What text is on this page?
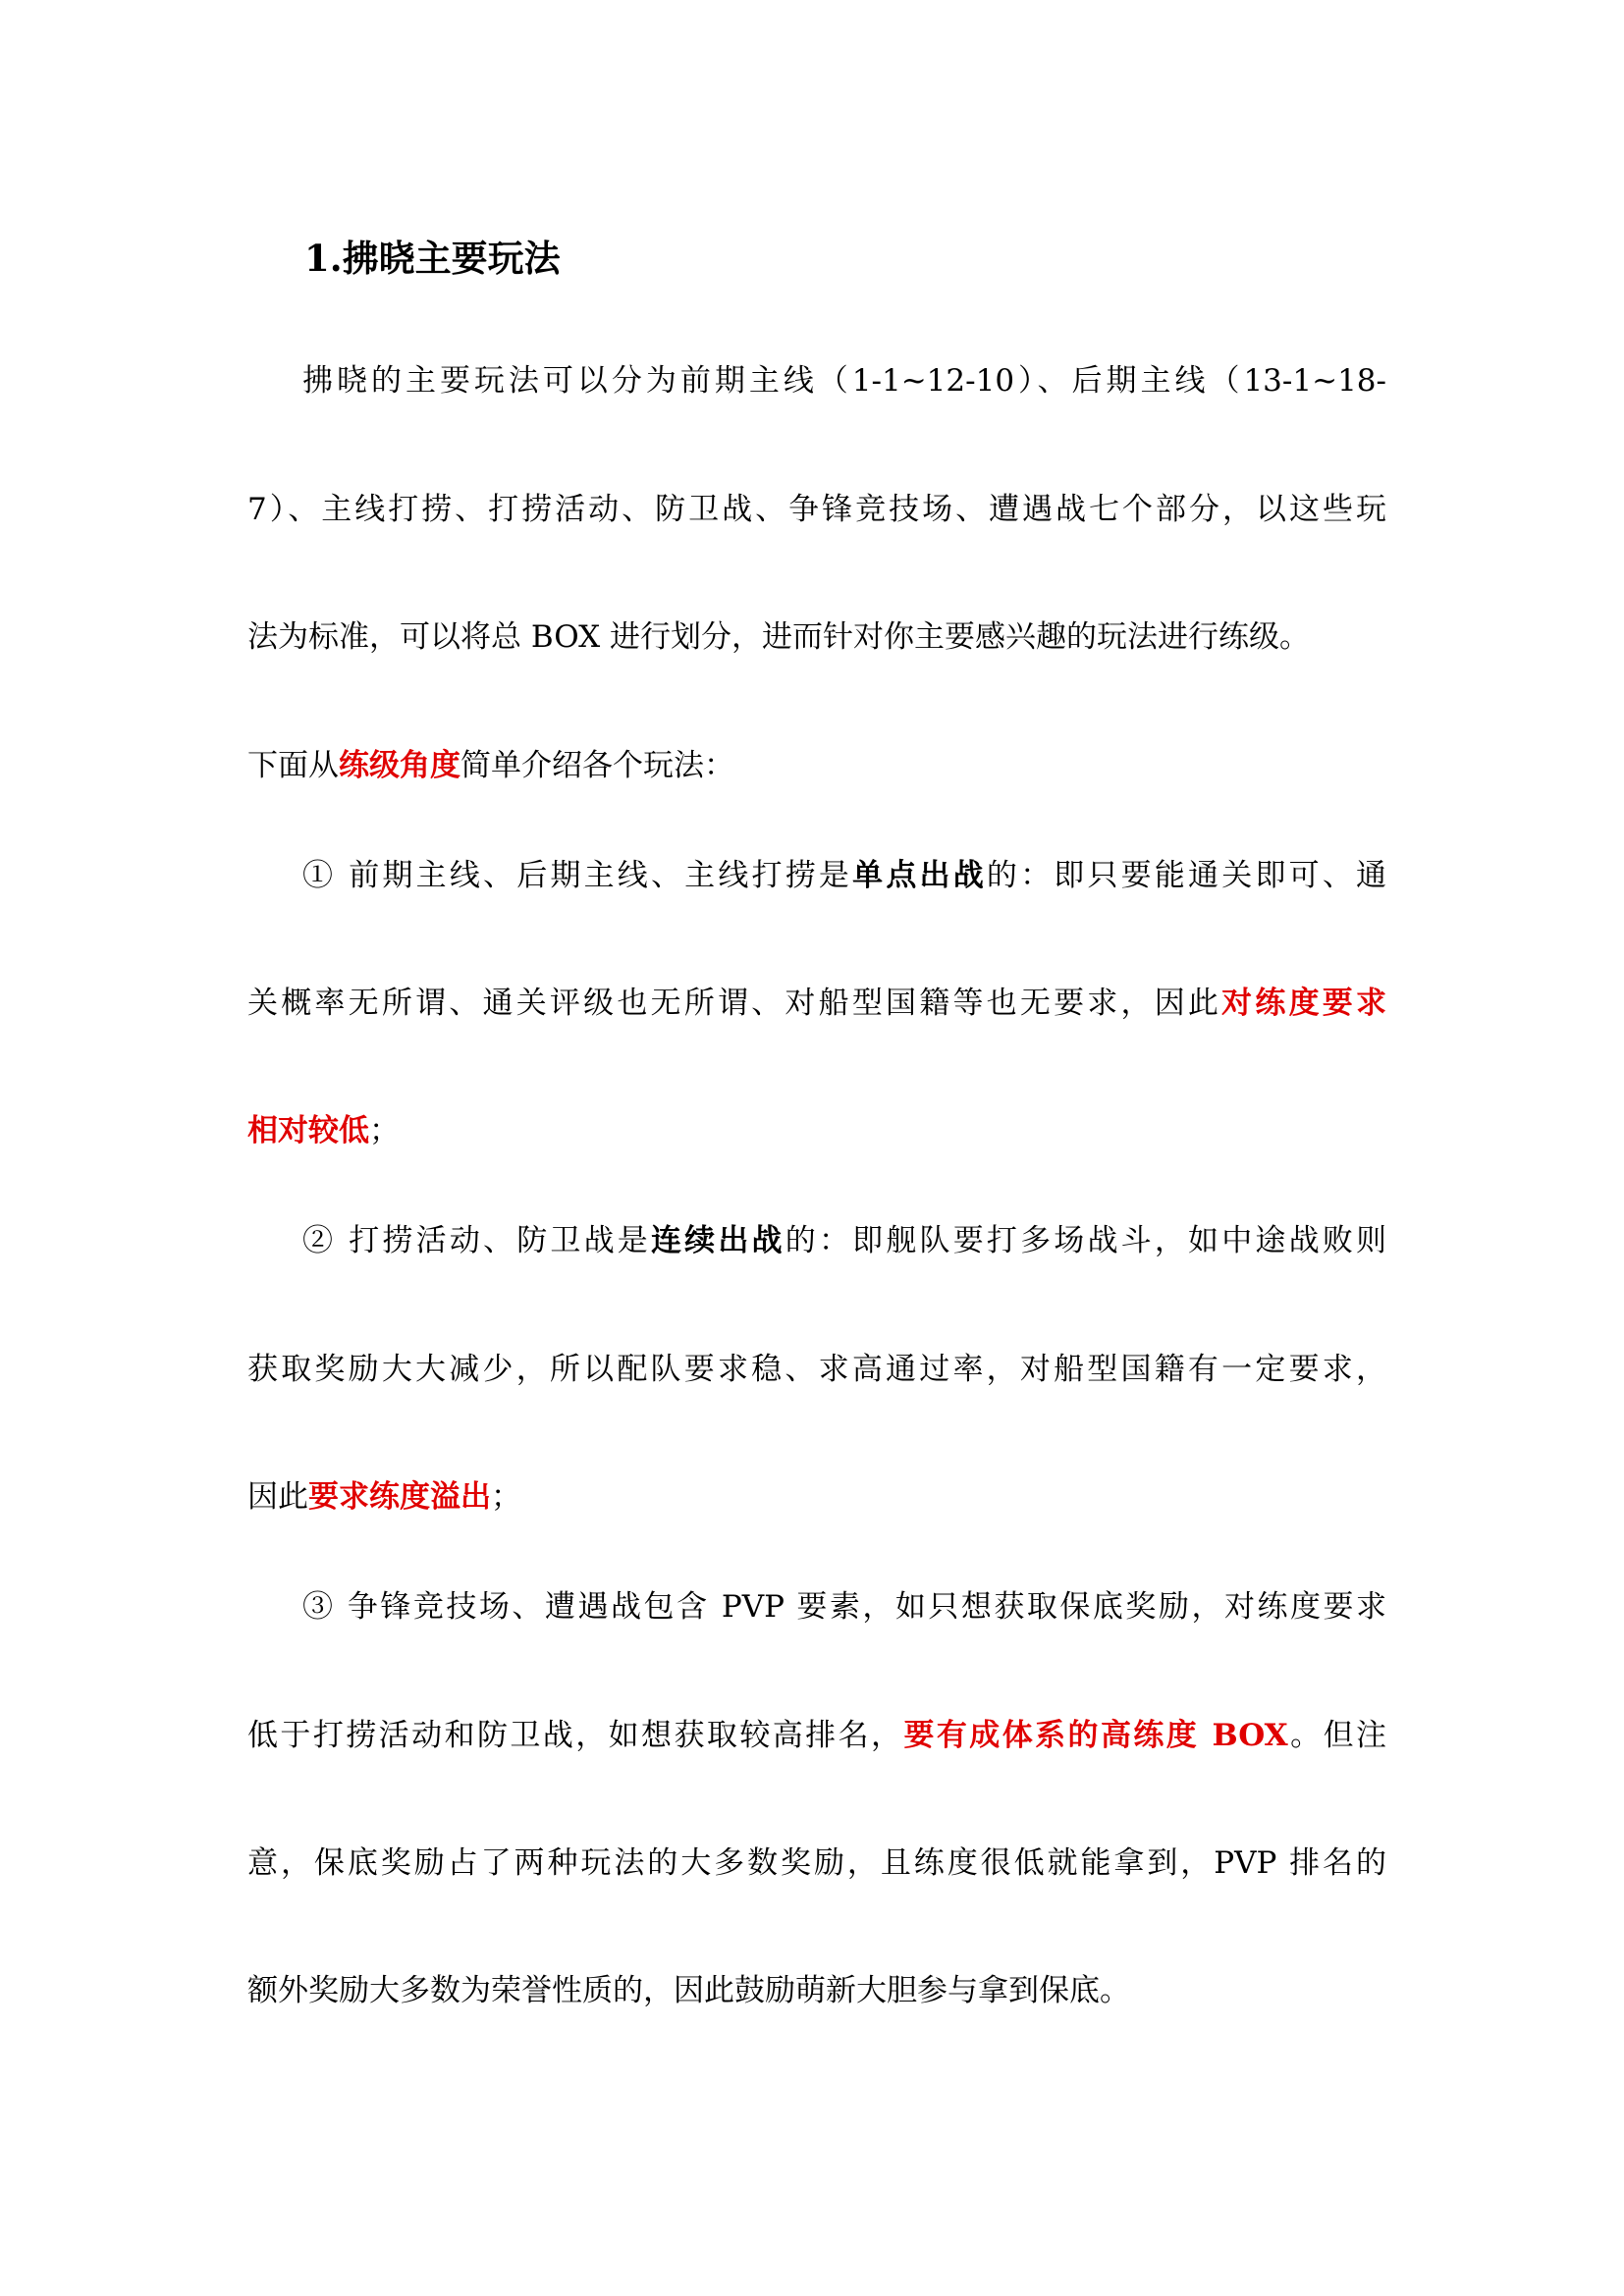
1.拂晓主要玩法
拂晓的主要玩法可以分为前期主线（1-1~12-10）、后期主线（13-1~18-
7）、主线打捞、打捞活动、防卫战、争锋竞技场、遭遇战七个部分，以这些玩
法为标准，可以将总 BOX 进行划分，进而针对你主要感兴趣的玩法进行练级。
下面从练级角度简单介绍各个玩法：
① 前期主线、后期主线、主线打捞是单点出战的：即只要能通关即可、通
关概率无所谓、通关评级也无所谓、对船型国籍等也无要求，因此对练度要求
相对较低；
② 打捞活动、防卫战是连续出战的：即舰队要打多场战斗，如中途战败则
获取奖励大大减少，所以配队要求稳、求高通过率，对船型国籍有一定要求，
因此要求练度溢出；
③ 争锋竞技场、遭遇战包含 PVP 要素，如只想获取保底奖励，对练度要求
低于打捞活动和防卫战，如想获取较高排名，要有成体系的高练度 BOX。但注
意，保底奖励占了两种玩法的大多数奖励，且练度很低就能拿到，PVP 排名的
额外奖励大多数为荣誉性质的，因此鼓励萌新大胆参与拿到保底。
